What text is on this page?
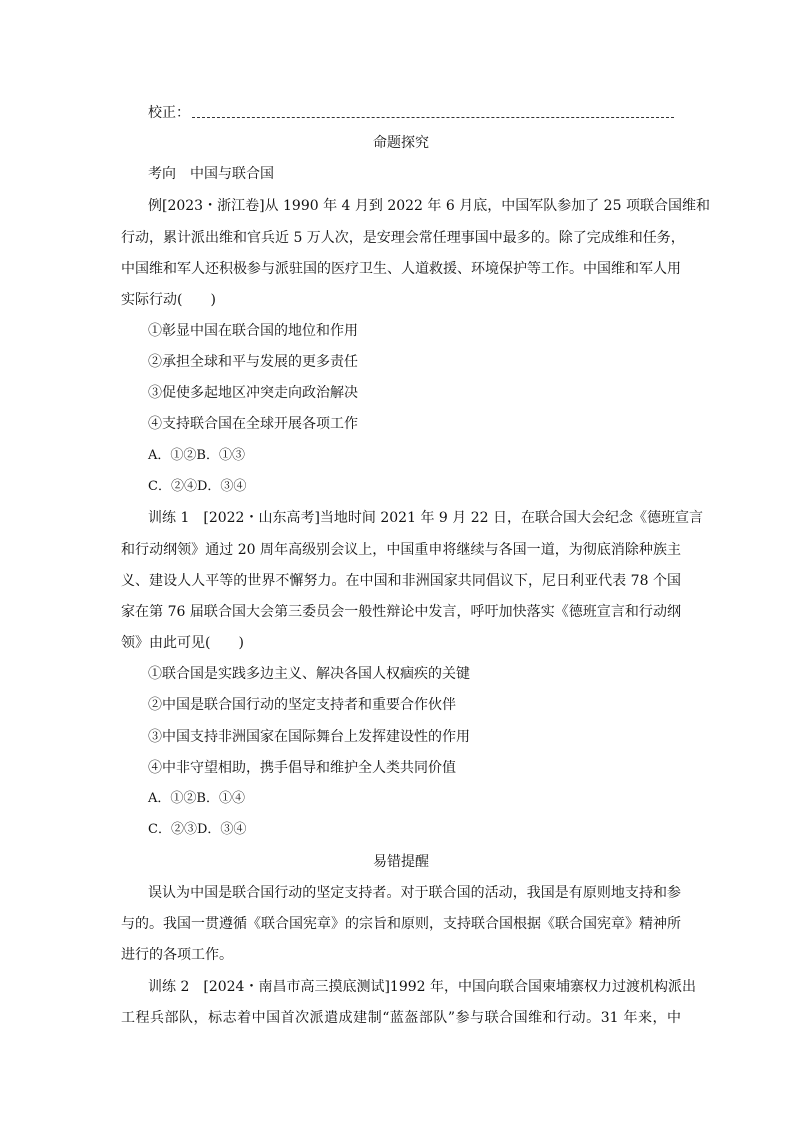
校正：
命题探究
考向　中国与联合国
例[2023・浙江卷]从 1990 年 4 月到 2022 年 6 月底，中国军队参加了 25 项联合国维和
行动，累计派出维和官兵近 5 万人次，是安理会常任理事国中最多的。除了完成维和任务，
中国维和军人还积极参与派驻国的医疗卫生、人道救援、环境保护等工作。中国维和军人用
实际行动(　　)
①彰显中国在联合国的地位和作用
②承担全球和平与发展的更多责任
③促使多起地区冲突走向政治解决
④支持联合国在全球开展各项工作
A．①②B．①③
C．②④D．③④
训练 1　[2022・山东高考]当地时间 2021 年 9 月 22 日，在联合国大会纪念《德班宣言
和行动纲领》通过 20 周年高级别会议上，中国重申将继续与各国一道，为彻底消除种族主
义、建设人人平等的世界不懈努力。在中国和非洲国家共同倡议下，尼日利亚代表 78 个国
家在第 76 届联合国大会第三委员会一般性辩论中发言，呼吁加快落实《德班宣言和行动纲
领》由此可见(　　)
①联合国是实践多边主义、解决各国人权痼疾的关键
②中国是联合国行动的坚定支持者和重要合作伙伴
③中国支持非洲国家在国际舞台上发挥建设性的作用
④中非守望相助，携手倡导和维护全人类共同价值
A．①②B．①④
C．②③D．③④
易错提醒
误认为中国是联合国行动的坚定支持者。对于联合国的活动，我国是有原则地支持和参
与的。我国一贯遵循《联合国宪章》的宗旨和原则，支持联合国根据《联合国宪章》精神所
进行的各项工作。
训练 2　[2024・南昌市高三摸底测试]1992 年，中国向联合国柬埔寨权力过渡机构派出
工程兵部队，标志着中国首次派遣成建制“蓝盔部队”参与联合国维和行动。31 年来，中
